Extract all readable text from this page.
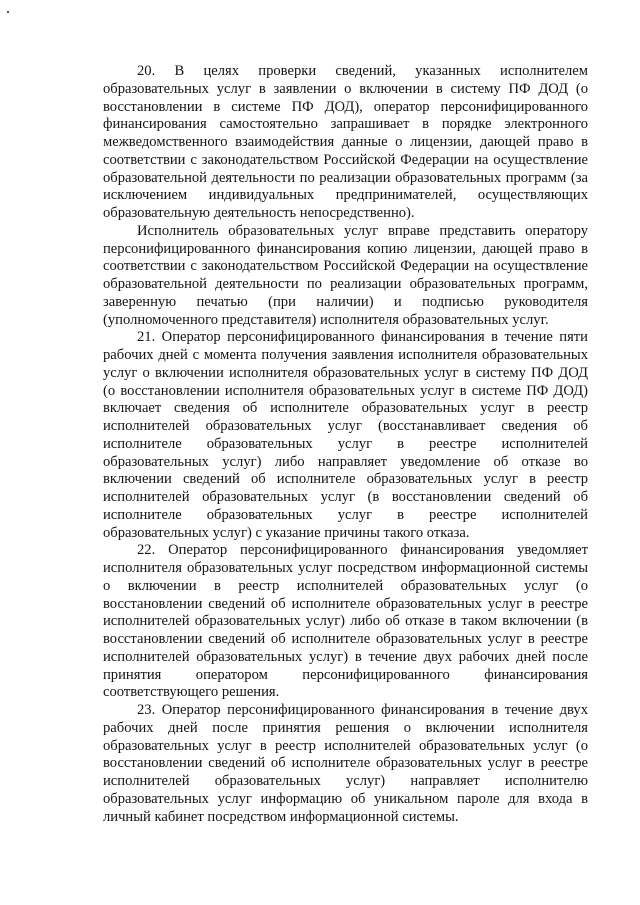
20. В целях проверки сведений, указанных исполнителем образовательных услуг в заявлении о включении в систему ПФ ДОД (о восстановлении в системе ПФ ДОД), оператор персонифицированного финансирования самостоятельно запрашивает в порядке электронного межведомственного взаимодействия данные о лицензии, дающей право в соответствии с законодательством Российской Федерации на осуществление образовательной деятельности по реализации образовательных программ (за исключением индивидуальных предпринимателей, осуществляющих образовательную деятельность непосредственно).

Исполнитель образовательных услуг вправе представить оператору персонифицированного финансирования копию лицензии, дающей право в соответствии с законодательством Российской Федерации на осуществление образовательной деятельности по реализации образовательных программ, заверенную печатью (при наличии) и подписью руководителя (уполномоченного представителя) исполнителя образовательных услуг.

21. Оператор персонифицированного финансирования в течение пяти рабочих дней с момента получения заявления исполнителя образовательных услуг о включении исполнителя образовательных услуг в систему ПФ ДОД (о восстановлении исполнителя образовательных услуг в системе ПФ ДОД) включает сведения об исполнителе образовательных услуг в реестр исполнителей образовательных услуг (восстанавливает сведения об исполнителе образовательных услуг в реестре исполнителей образовательных услуг) либо направляет уведомление об отказе во включении сведений об исполнителе образовательных услуг в реестр исполнителей образовательных услуг (в восстановлении сведений об исполнителе образовательных услуг в реестре исполнителей образовательных услуг) с указание причины такого отказа.

22. Оператор персонифицированного финансирования уведомляет исполнителя образовательных услуг посредством информационной системы о включении в реестр исполнителей образовательных услуг (о восстановлении сведений об исполнителе образовательных услуг в реестре исполнителей образовательных услуг) либо об отказе в таком включении (в восстановлении сведений об исполнителе образовательных услуг в реестре исполнителей образовательных услуг) в течение двух рабочих дней после принятия оператором персонифицированного финансирования соответствующего решения.

23. Оператор персонифицированного финансирования в течение двух рабочих дней после принятия решения о включении исполнителя образовательных услуг в реестр исполнителей образовательных услуг (о восстановлении сведений об исполнителе образовательных услуг в реестре исполнителей образовательных услуг) направляет исполнителю образовательных услуг информацию об уникальном пароле для входа в личный кабинет посредством информационной системы.
